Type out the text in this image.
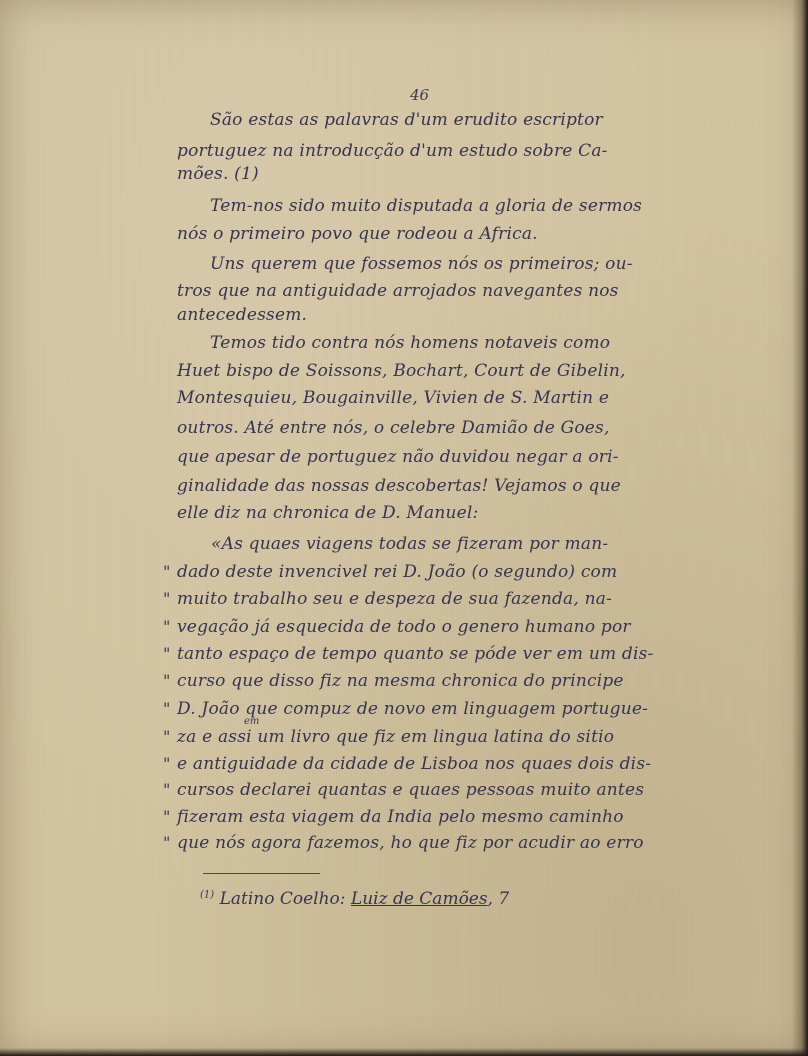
46
São estas as palavras d'um erudito escriptor
portuguez na introducção d'um estudo sobre Ca-
mões. (1)
Tem-nos sido muito disputada a gloria de sermos
nós o primeiro povo que rodeou a Africa.
Uns querem que fossemos nós os primeiros; ou-
tros que na antiguidade arrojados navegantes nos
antecedessem.
Temos tido contra nós homens notaveis como
Huet bispo de Soissons, Bochart, Court de Gibelin,
Montesquieu, Bougainville, Vivien de S. Martin e
outros. Até entre nós, o celebre Damião de Goes,
que apesar de portuguez não duvidou negar a ori-
ginalidade das nossas descobertas! Vejamos o que
elle diz na chronica de D. Manuel:
«As quaes viagens todas se fizeram por man-
dado deste invencivel rei D. João (o segundo) com
muito trabalho seu e despeza de sua fazenda, na-
vegação já esquecida de todo o genero humano por
tanto espaço de tempo quanto se póde ver em um dis-
curso que disso fiz na mesma chronica do principe
D. João que compuz de novo em linguagem portugue-
em
za e assi um livro que fiz em lingua latina do sitio
e antiguidade da cidade de Lisboa nos quaes dois dis-
cursos declarei quantas e quaes pessoas muito antes
fizeram esta viagem da India pelo mesmo caminho
que nós agora fazemos, ho que fiz por acudir ao erro
"
"
"
"
"
"
"
"
"
"
"
$^{(1)}$ Latino Coelho: Luiz de Camões, 7
